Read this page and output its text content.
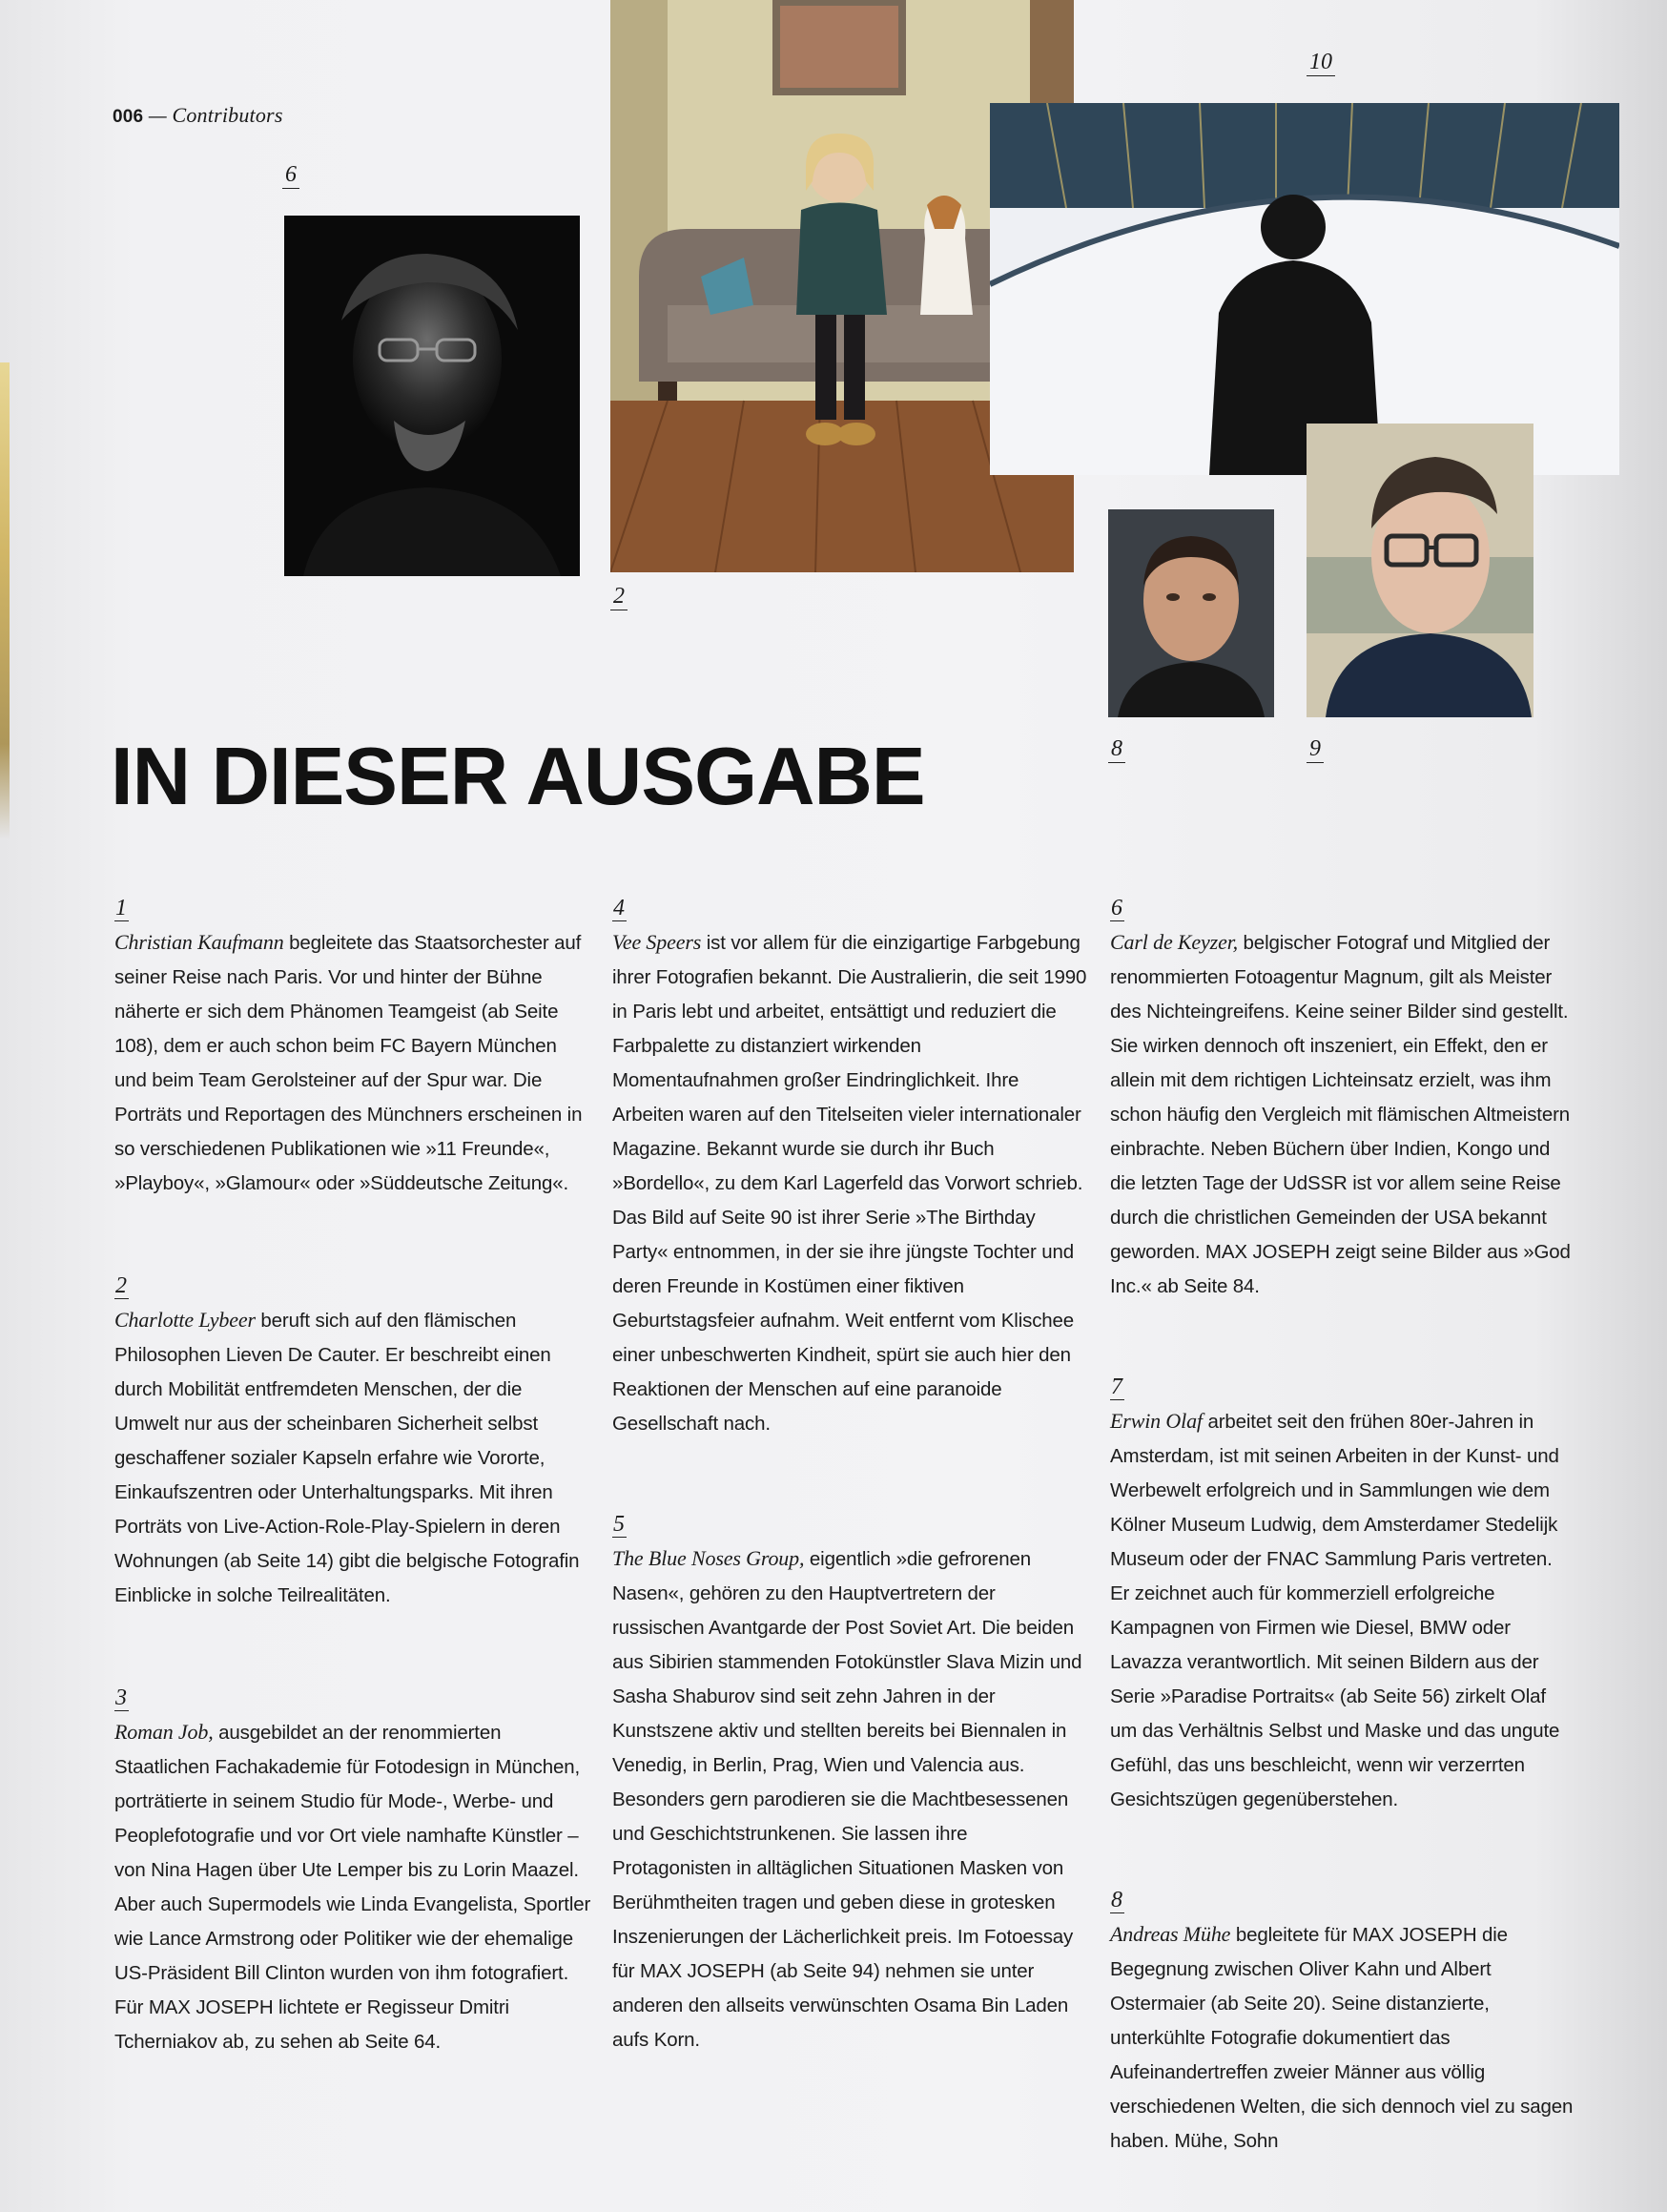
006 — Contributors
6
2
10
8	9
IN DIESER AUSGABE
1

Christian Kaufmann begleitete das Staatsorchester auf seiner Reise nach Paris. Vor und hinter der Bühne näherte er sich dem Phänomen Teamgeist (ab Seite 108), dem er auch schon beim FC Bayern München und beim Team Gerolsteiner auf der Spur war. Die Porträts und Reportagen des Münchners erscheinen in so verschiedenen Publikationen wie »11 Freunde«, »Playboy«, »Glamour« oder »Süddeutsche Zeitung«.

2

Charlotte Lybeer beruft sich auf den flämischen Philosophen Lieven De Cauter. Er beschreibt einen durch Mobilität entfremdeten Menschen, der die Umwelt nur aus der scheinbaren Sicherheit selbst geschaffener sozialer Kapseln erfahre wie Vororte, Einkaufszentren oder Unterhaltungsparks. Mit ihren Porträts von Live-Action-Role-Play-Spielern in deren Wohnungen (ab Seite 14) gibt die belgische Fotografin Einblicke in solche Teilrealitäten.

3

Roman Job, ausgebildet an der renommierten Staatlichen Fachakademie für Fotodesign in München, porträtierte in seinem Studio für Mode-, Werbe- und Peoplefotografie und vor Ort viele namhafte Künstler – von Nina Hagen über Ute Lemper bis zu Lorin Maazel. Aber auch Supermodels wie Linda Evangelista, Sportler wie Lance Armstrong oder Politiker wie der ehemalige US-Präsident Bill Clinton wurden von ihm fotografiert. Für MAX JOSEPH lichtete er Regisseur Dmitri Tcherniakov ab, zu sehen ab Seite 64.

4

Vee Speers ist vor allem für die einzigartige Farbgebung ihrer Fotografien bekannt. Die Australierin, die seit 1990 in Paris lebt und arbeitet, entsättigt und reduziert die Farbpalette zu distanziert wirkenden Momentaufnahmen großer Eindringlichkeit. Ihre Arbeiten waren auf den Titelseiten vieler internationaler Magazine. Bekannt wurde sie durch ihr Buch »Bordello«, zu dem Karl Lagerfeld das Vorwort schrieb. Das Bild auf Seite 90 ist ihrer Serie »The Birthday Party« entnommen, in der sie ihre jüngste Tochter und deren Freunde in Kostümen einer fiktiven Geburtstagsfeier aufnahm. Weit entfernt vom Klischee einer unbeschwerten Kindheit, spürt sie auch hier den Reaktionen der Menschen auf eine paranoide Gesellschaft nach.

5

The Blue Noses Group, eigentlich »die gefrorenen Nasen«, gehören zu den Hauptvertretern der russischen Avantgarde der Post Soviet Art. Die beiden aus Sibirien stammenden Fotokünstler Slava Mizin und Sasha Shaburov sind seit zehn Jahren in der Kunstszene aktiv und stellten bereits bei Biennalen in Venedig, in Berlin, Prag, Wien und Valencia aus. Besonders gern parodieren sie die Machtbesessenen und Geschichtstrunkenen. Sie lassen ihre Protagonisten in alltäglichen Situationen Masken von Berühmtheiten tragen und geben diese in grotesken Inszenierungen der Lächerlichkeit preis. Im Fotoessay für MAX JOSEPH (ab Seite 94) nehmen sie unter anderen den allseits verwünschten Osama Bin Laden aufs Korn.

6

Carl de Keyzer, belgischer Fotograf und Mitglied der renommierten Fotoagentur Magnum, gilt als Meister des Nichteingreifens. Keine seiner Bilder sind gestellt. Sie wirken dennoch oft inszeniert, ein Effekt, den er allein mit dem richtigen Lichteinsatz erzielt, was ihm schon häufig den Vergleich mit flämischen Altmeistern einbrachte. Neben Büchern über Indien, Kongo und die letzten Tage der UdSSR ist vor allem seine Reise durch die christlichen Gemeinden der USA bekannt geworden. MAX JOSEPH zeigt seine Bilder aus »God Inc.« ab Seite 84.

7

Erwin Olaf arbeitet seit den frühen 80er-Jahren in Amsterdam, ist mit seinen Arbeiten in der Kunst- und Werbewelt erfolgreich und in Sammlungen wie dem Kölner Museum Ludwig, dem Amsterdamer Stedelijk Museum oder der FNAC Sammlung Paris vertreten. Er zeichnet auch für kommerziell erfolgreiche Kampagnen von Firmen wie Diesel, BMW oder Lavazza verantwortlich. Mit seinen Bildern aus der Serie »Paradise Portraits« (ab Seite 56) zirkelt Olaf um das Verhältnis Selbst und Maske und das ungute Gefühl, das uns beschleicht, wenn wir verzerrten Gesichtszügen gegenüberstehen.

8

Andreas Mühe begleitete für MAX JOSEPH die Begegnung zwischen Oliver Kahn und Albert Ostermaier (ab Seite 20). Seine distanzierte, unterkühlte Fotografie dokumentiert das Aufeinandertreffen zweier Männer aus völlig verschiedenen Welten, die sich dennoch viel zu sagen haben. Mühe, Sohn
